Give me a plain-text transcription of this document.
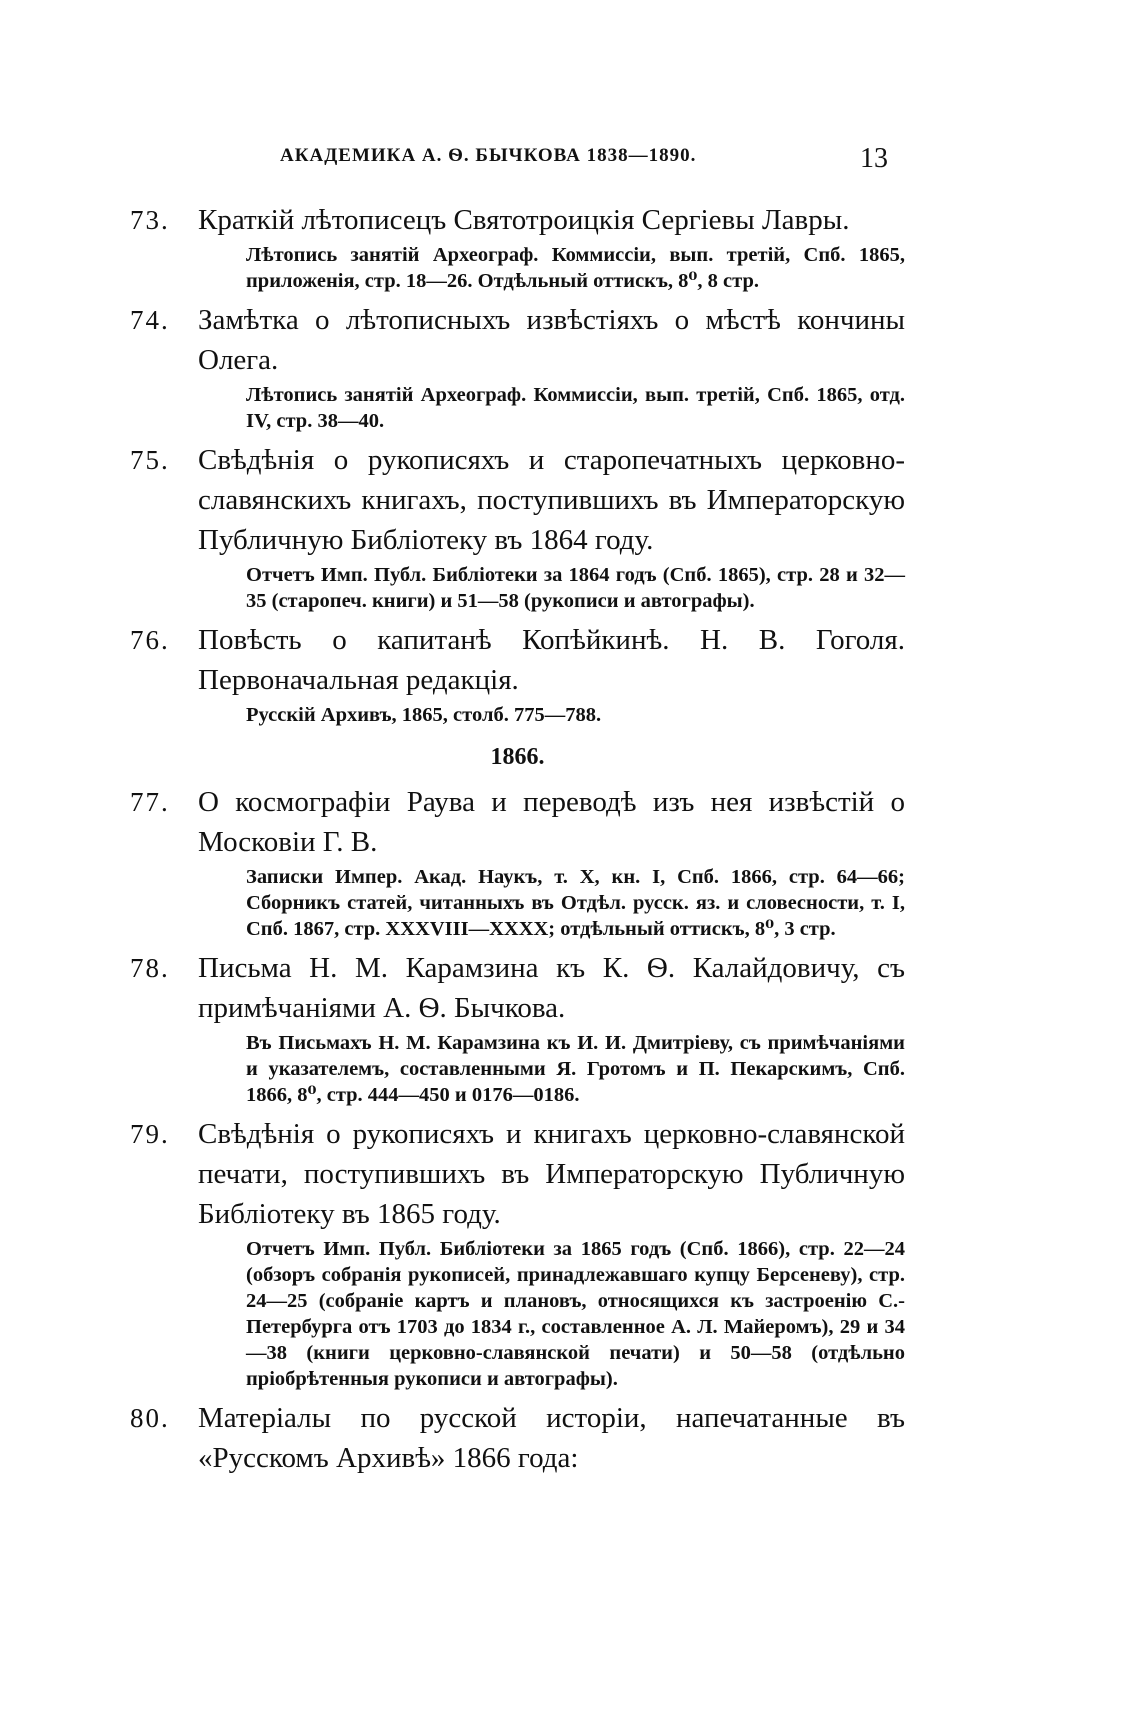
АКАДЕМИКА А. Ѳ. БЫЧКОВА 1838—1890.	13
73. Краткій лѣтописецъ Святотроицкія Сергіевы Лавры.
Лѣтопись занятій Археограф. Коммиссіи, вып. третій, Спб. 1865, приложенія, стр. 18—26. Отдѣльный оттискъ, 8⁰, 8 стр.
74. Замѣтка о лѣтописныхъ извѣстіяхъ о мѣстѣ кончины Олега.
Лѣтопись занятій Археограф. Коммиссіи, вып. третій, Спб. 1865, отд. IV, стр. 38—40.
75. Свѣдѣнія о рукописяхъ и старопечатныхъ церковно-славянскихъ книгахъ, поступившихъ въ Императорскую Публичную Библіотеку въ 1864 году.
Отчетъ Имп. Публ. Библіотеки за 1864 годъ (Спб. 1865), стр. 28 и 32—35 (старопеч. книги) и 51—58 (рукописи и автографы).
76. Повѣсть о капитанѣ Копѣйкинѣ. Н. В. Гоголя. Первоначальная редакція.
Русскій Архивъ, 1865, столб. 775—788.
1866.
77. О космографіи Раува и переводѣ изъ нея извѣстій о Московіи Г. В.
Записки Импер. Акад. Наукъ, т. X, кн. I, Спб. 1866, стр. 64—66; Сборникъ статей, читанныхъ въ Отдѣл. русск. яз. и словесности, т. I, Спб. 1867, стр. XXXVIII—XXXX; отдѣльный оттискъ, 8⁰, 3 стр.
78. Письма Н. М. Карамзина къ К. Ѳ. Калайдовичу, съ примѣчаніями А. Ѳ. Бычкова.
Въ Письмахъ Н. М. Карамзина къ И. И. Дмитріеву, съ примѣчаніями и указателемъ, составленными Я. Гротомъ и П. Пекарскимъ, Спб. 1866, 8⁰, стр. 444—450 и 0176—0186.
79. Свѣдѣнія о рукописяхъ и книгахъ церковно-славянской печати, поступившихъ въ Императорскую Публичную Библіотеку въ 1865 году.
Отчетъ Имп. Публ. Библіотеки за 1865 годъ (Спб. 1866), стр. 22—24 (обзоръ собранія рукописей, принадлежавшаго купцу Берсеневу), стр. 24—25 (собраніе картъ и плановъ, относящихся къ застроенію С.-Петербурга отъ 1703 до 1834 г., составленное А. Л. Майеромъ), 29 и 34—38 (книги церковно-славянской печати) и 50—58 (отдѣльно пріобрѣтенныя рукописи и автографы).
80. Матеріалы по русской исторіи, напечатанные въ «Русскомъ Архивѣ» 1866 года:
